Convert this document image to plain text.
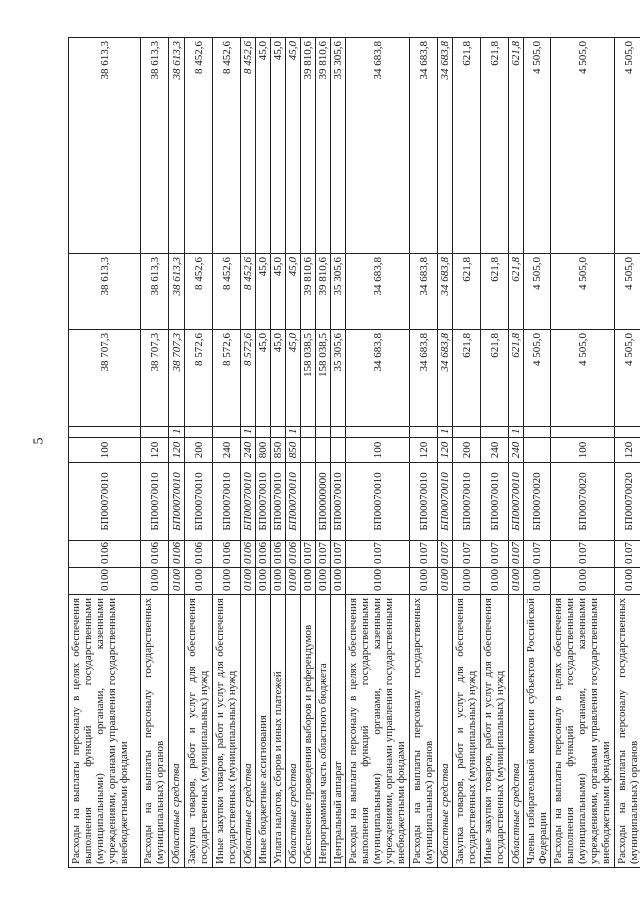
5
Расходы на выплаты персоналу в целях обеспечения выполнения функций государственными (муниципальными) органами, казенными учреждениями, органами управления государственными внебюджетными фондами	0100	0106	БП00070010	100		38 707,3	38 613,3	38 613,3
Расходы на выплаты персоналу государственных (муниципальных) органов	0100	0106	БП00070010	120		38 707,3	38 613,3	38 613,3
Областные средства	0100	0106	БП00070010	120	1	38 707,3	38 613,3	38 613,3
Закупка товаров, работ и услуг для обеспечения государственных (муниципальных) нужд	0100	0106	БП00070010	200		8 572,6	8 452,6	8 452,6
Иные закупки товаров, работ и услуг для обеспечения государственных (муниципальных) нужд	0100	0106	БП00070010	240		8 572,6	8 452,6	8 452,6
Областные средства	0100	0106	БП00070010	240	1	8 572,6	8 452,6	8 452,6
Иные бюджетные ассигнования	0100	0106	БП00070010	800		45,0	45,0	45,0
Уплата налогов, сборов и иных платежей	0100	0106	БП00070010	850		45,0	45,0	45,0
Областные средства	0100	0106	БП00070010	850	1	45,0	45,0	45,0
Обеспечение проведения выборов и референдумов	0100	0107				158 038,5	39 810,6	39 810,6
Непрограммная часть областного бюджета	0100	0107	БП00000000			158 038,5	39 810,6	39 810,6
Центральный аппарат	0100	0107	БП00070010			35 305,6	35 305,6	35 305,6
Расходы на выплаты персоналу в целях обеспечения выполнения функций государственными (муниципальными) органами, казенными учреждениями, органами управления государственными внебюджетными фондами	0100	0107	БП00070010	100		34 683,8	34 683,8	34 683,8
Расходы на выплаты персоналу государственных (муниципальных) органов	0100	0107	БП00070010	120		34 683,8	34 683,8	34 683,8
Областные средства	0100	0107	БП00070010	120	1	34 683,8	34 683,8	34 683,8
Закупка товаров, работ и услуг для обеспечения государственных (муниципальных) нужд	0100	0107	БП00070010	200		621,8	621,8	621,8
Иные закупки товаров, работ и услуг для обеспечения государственных (муниципальных) нужд	0100	0107	БП00070010	240		621,8	621,8	621,8
Областные средства	0100	0107	БП00070010	240	1	621,8	621,8	621,8
Члены избирательной комиссии субъектов Российской Федерации	0100	0107	БП00070020			4 505,0	4 505,0	4 505,0
Расходы на выплаты персоналу в целях обеспечения выполнения функций государственными (муниципальными) органами, казенными учреждениями, органами управления государственными внебюджетными фондами	0100	0107	БП00070020	100		4 505,0	4 505,0	4 505,0
Расходы на выплаты персоналу государственных (муниципальных) органов	0100	0107	БП00070020	120		4 505,0	4 505,0	4 505,0
